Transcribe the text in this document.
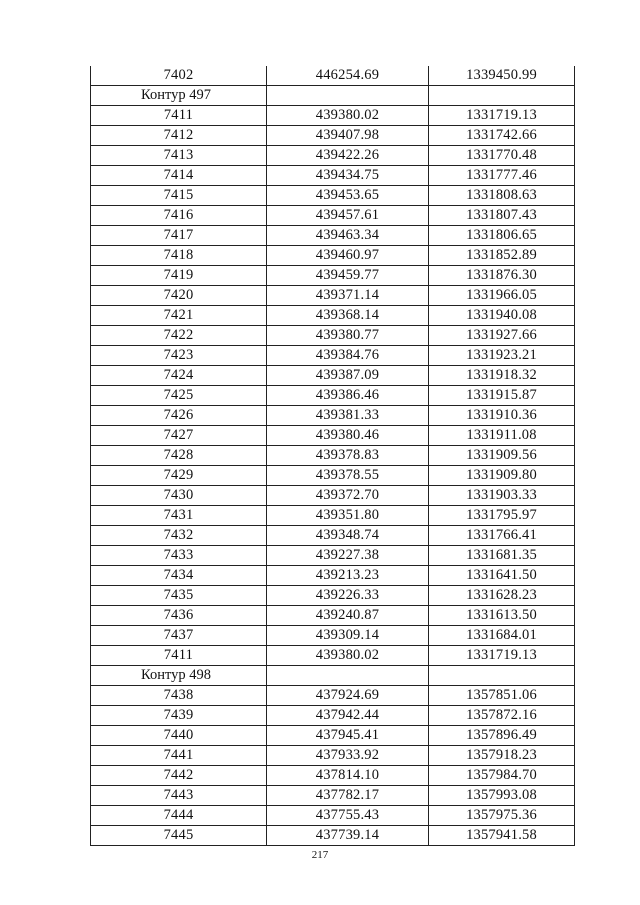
7402	446254.69	1339450.99
Контур 497		
7411	439380.02	1331719.13
7412	439407.98	1331742.66
7413	439422.26	1331770.48
7414	439434.75	1331777.46
7415	439453.65	1331808.63
7416	439457.61	1331807.43
7417	439463.34	1331806.65
7418	439460.97	1331852.89
7419	439459.77	1331876.30
7420	439371.14	1331966.05
7421	439368.14	1331940.08
7422	439380.77	1331927.66
7423	439384.76	1331923.21
7424	439387.09	1331918.32
7425	439386.46	1331915.87
7426	439381.33	1331910.36
7427	439380.46	1331911.08
7428	439378.83	1331909.56
7429	439378.55	1331909.80
7430	439372.70	1331903.33
7431	439351.80	1331795.97
7432	439348.74	1331766.41
7433	439227.38	1331681.35
7434	439213.23	1331641.50
7435	439226.33	1331628.23
7436	439240.87	1331613.50
7437	439309.14	1331684.01
7411	439380.02	1331719.13
Контур 498		
7438	437924.69	1357851.06
7439	437942.44	1357872.16
7440	437945.41	1357896.49
7441	437933.92	1357918.23
7442	437814.10	1357984.70
7443	437782.17	1357993.08
7444	437755.43	1357975.36
7445	437739.14	1357941.58
217
